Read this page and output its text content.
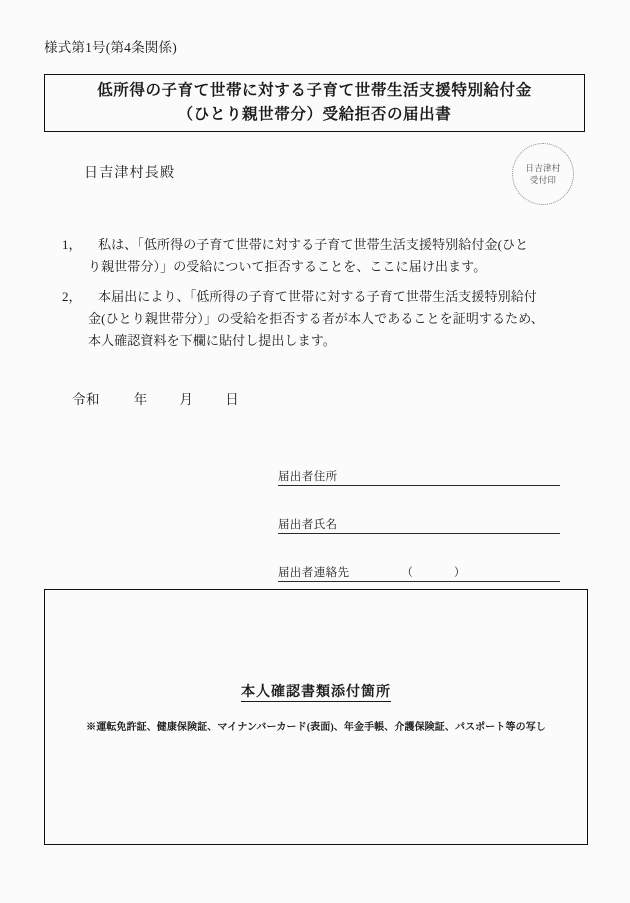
様式第1号(第4条関係)
低所得の子育て世帯に対する子育て世帯生活支援特別給付金
（ひとり親世帯分）受給拒否の届出書
日吉津村長殿	日吉津村
受付印
1，	私は、「低所得の子育て世帯に対する子育て世帯生活支援特別給付金(ひと
り親世帯分）」の受給について拒否することを、ここに届け出ます。
2，	本届出により、「低所得の子育て世帯に対する子育て世帯生活支援特別給付
金(ひとり親世帯分）」の受給を拒否する者が本人であることを証明するため、
本人確認資料を下欄に貼付し提出します。
令和	年 月 日
届出者住所
届出者氏名
届出者連絡先	（	）
本人確認書類添付箇所
※運転免許証、健康保険証、マイナンバーカード(表面)、年金手帳、介護保険証、パスポート等の写し
